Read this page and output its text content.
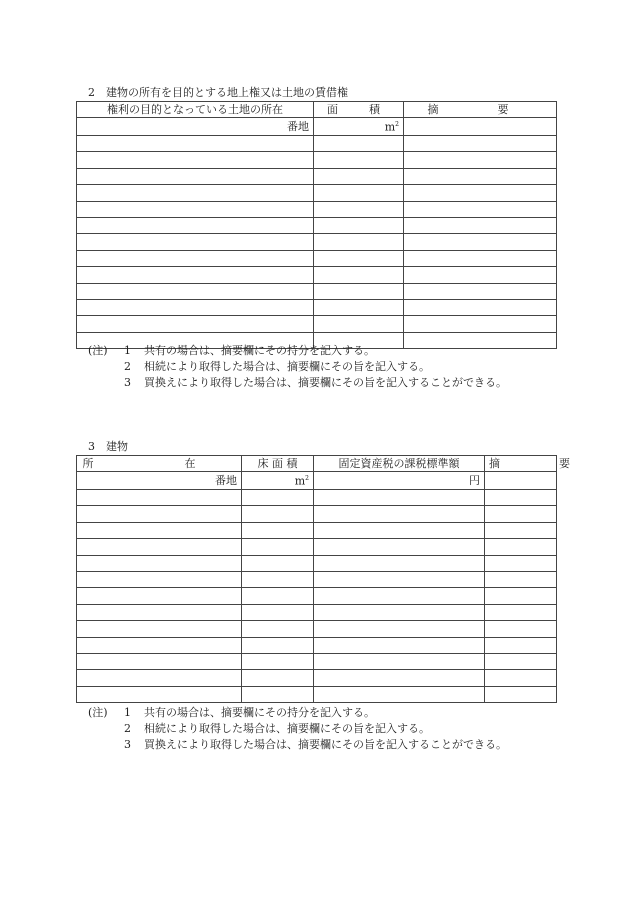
2　建物の所有を目的とする地上権又は土地の賃借権
権利の目的となっている土地の所在	面　積	摘　要
番地	$m^2$	

(注) 1 共有の場合は、摘要欄にその持分を記入する。
2 相続により取得した場合は、摘要欄にその旨を記入する。
3 買換えにより取得した場合は、摘要欄にその旨を記入することができる。
3　建物
所　在	床 面 積	固定資産税の課税標準額	摘　要
番地	$m^2$	円	

(注) 1 共有の場合は、摘要欄にその持分を記入する。
2 相続により取得した場合は、摘要欄にその旨を記入する。
3 買換えにより取得した場合は、摘要欄にその旨を記入することができる。
